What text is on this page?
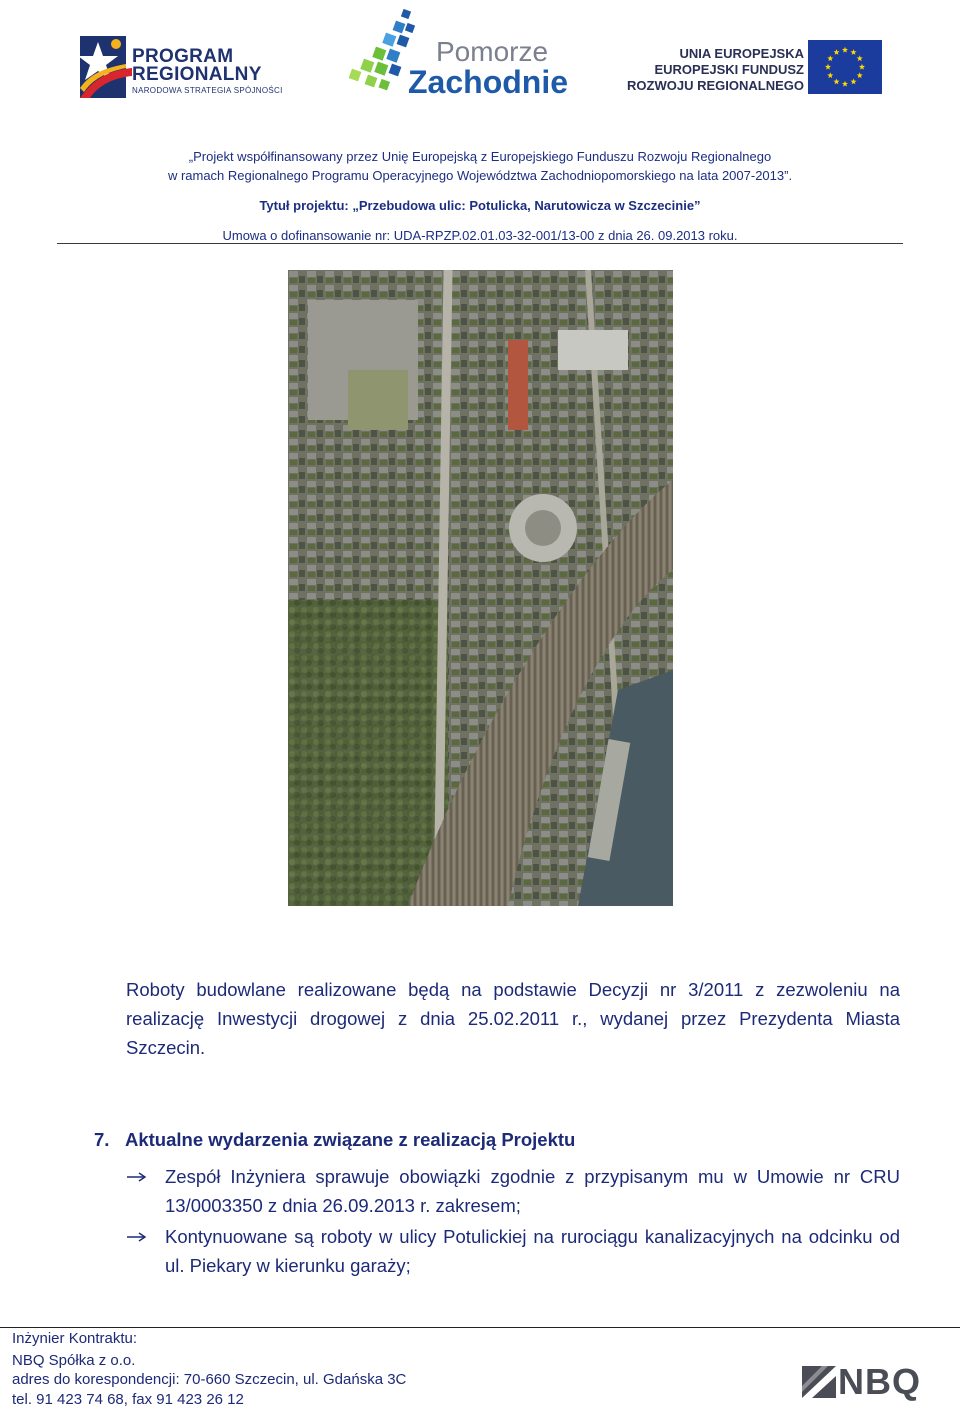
PROGRAM
REGIONALNY
NARODOWA STRATEGIA SPÓJNOŚCI
Pomorze
Zachodnie
UNIA EUROPEJSKA
EUROPEJSKI FUNDUSZ
ROZWOJU REGIONALNEGO
„Projekt współfinansowany przez Unię Europejską z Europejskiego Funduszu Rozwoju Regionalnego
w ramach Regionalnego Programu Operacyjnego Województwa Zachodniopomorskiego na lata 2007-2013”.
Tytuł projektu: „Przebudowa ulic: Potulicka, Narutowicza w Szczecinie”
Umowa o dofinansowanie nr: UDA-RPZP.02.01.03-32-001/13-00 z dnia 26. 09.2013 roku.
Roboty budowlane realizowane będą na podstawie Decyzji nr 3/2011 z zezwoleniu na realizację Inwestycji drogowej z dnia 25.02.2011 r., wydanej przez Prezydenta Miasta Szczecin.
7. Aktualne wydarzenia związane z realizacją Projektu
Zespół Inżyniera sprawuje obowiązki zgodnie z przypisanym mu w Umowie nr CRU 13/0003350 z dnia 26.09.2013 r. zakresem;
Kontynuowane są roboty w ulicy Potulickiej na rurociągu kanalizacyjnych na odcinku od ul. Piekary w kierunku garaży;
Inżynier Kontraktu:
NBQ Spółka z o.o.
adres do korespondencji: 70-660 Szczecin, ul. Gdańska 3C
tel. 91 423 74 68, fax 91 423 26 12	NBQ
